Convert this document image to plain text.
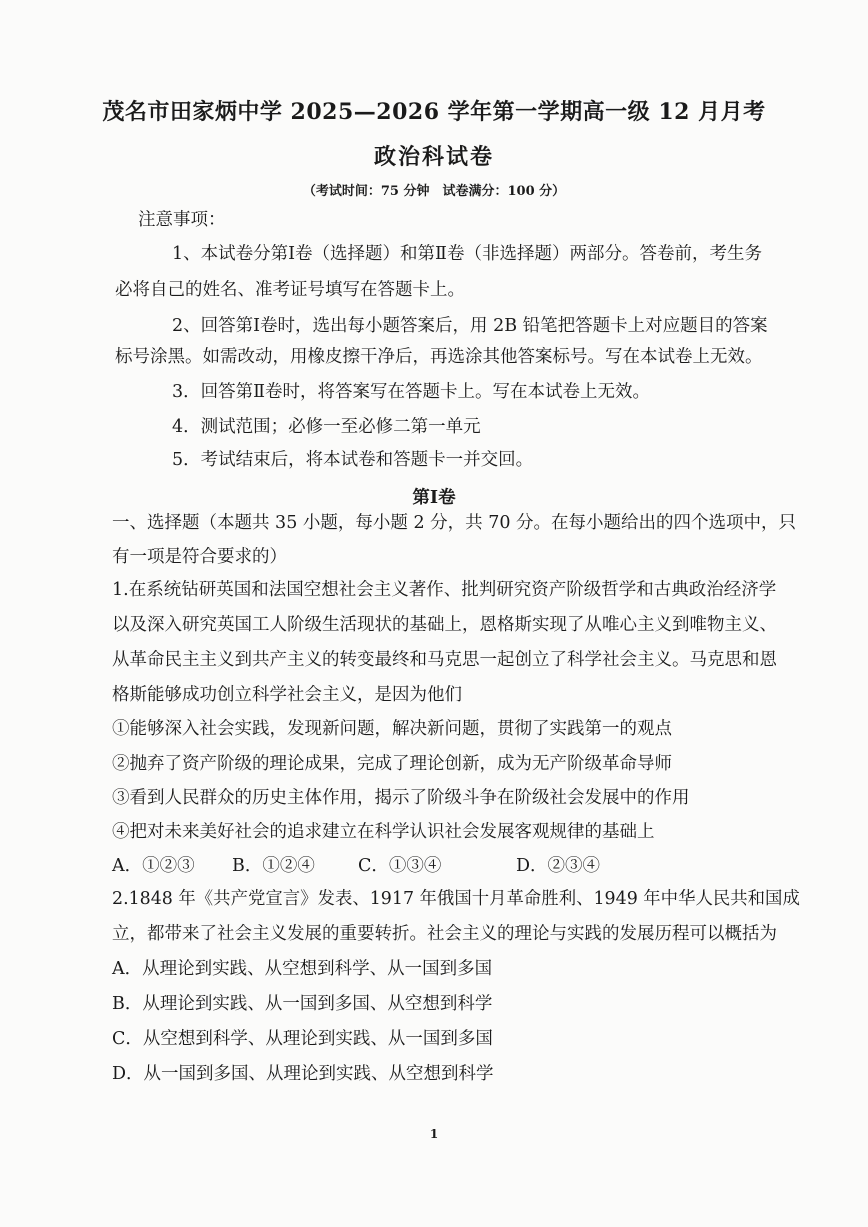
茂名市田家炳中学 2025—2026 学年第一学期高一级 12 月月考
政治科试卷
（考试时间：75 分钟　试卷满分：100 分）
注意事项：
1、本试卷分第Ⅰ卷（选择题）和第Ⅱ卷（非选择题）两部分。答卷前，考生务
必将自己的姓名、准考证号填写在答题卡上。
2、回答第Ⅰ卷时，选出每小题答案后，用 2B 铅笔把答题卡上对应题目的答案
标号涂黑。如需改动，用橡皮擦干净后，再选涂其他答案标号。写在本试卷上无效。
3．回答第Ⅱ卷时，将答案写在答题卡上。写在本试卷上无效。
4．测试范围；必修一至必修二第一单元
5．考试结束后，将本试卷和答题卡一并交回。
第Ⅰ卷
一、选择题（本题共 35 小题，每小题 2 分，共 70 分。在每小题给出的四个选项中，只
有一项是符合要求的）
1.在系统钻研英国和法国空想社会主义著作、批判研究资产阶级哲学和古典政治经济学
以及深入研究英国工人阶级生活现状的基础上，恩格斯实现了从唯心主义到唯物主义、
从革命民主主义到共产主义的转变最终和马克思一起创立了科学社会主义。马克思和恩
格斯能够成功创立科学社会主义，是因为他们
①能够深入社会实践，发现新问题，解决新问题，贯彻了实践第一的观点
②抛弃了资产阶级的理论成果，完成了理论创新，成为无产阶级革命导师
③看到人民群众的历史主体作用，揭示了阶级斗争在阶级社会发展中的作用
④把对未来美好社会的追求建立在科学认识社会发展客观规律的基础上
A．①②③ B．①②④ C．①③④	D．②③④
2.1848 年《共产党宣言》发表、1917 年俄国十月革命胜利、1949 年中华人民共和国成
立，都带来了社会主义发展的重要转折。社会主义的理论与实践的发展历程可以概括为
A．从理论到实践、从空想到科学、从一国到多国
B．从理论到实践、从一国到多国、从空想到科学
C．从空想到科学、从理论到实践、从一国到多国
D．从一国到多国、从理论到实践、从空想到科学
1
